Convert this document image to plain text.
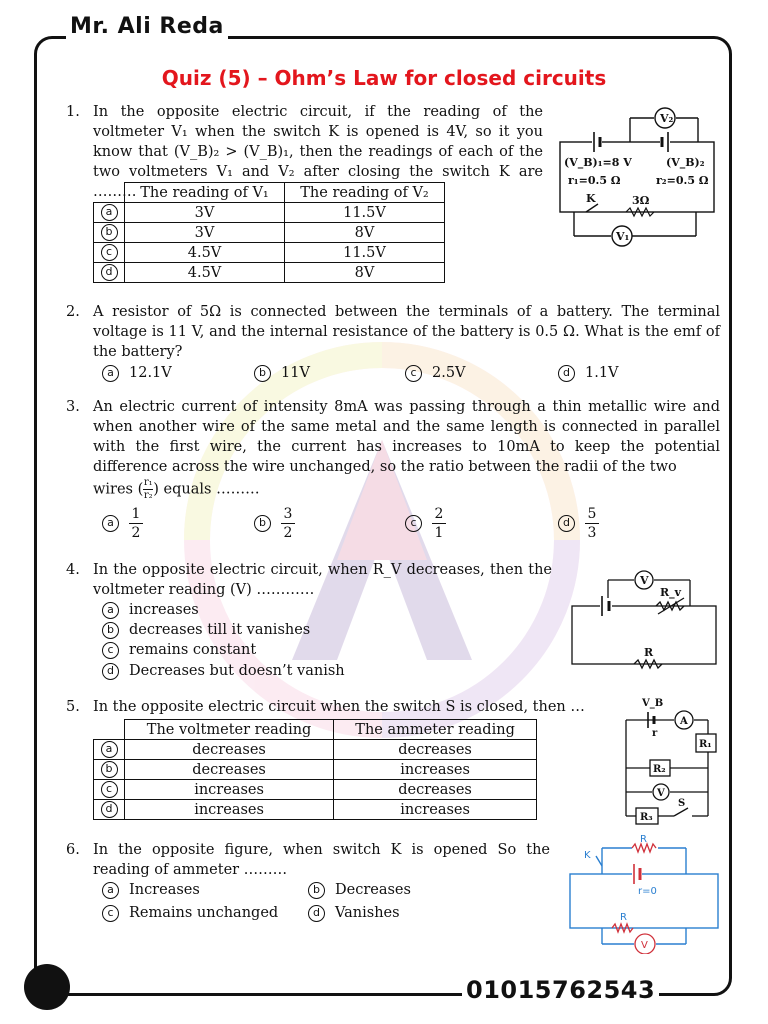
Mr. Ali Reda
01015762543
Quiz (5) – Ohm’s Law for closed circuits
1. In the opposite electric circuit, if the reading of the voltmeter V₁ when the switch K is opened is 4V, so it you know that (V_B)₂ > (V_B)₁, then the readings of each of the two voltmeters V₁ and V₂ after closing the switch K are ………
	The reading of V₁	The reading of V₂
a	3V	11.5V
b	3V	8V
c	4.5V	11.5V
d	4.5V	8V
V₂
V₁
(V_B)₁=8 V
r₁=0.5 Ω
(V_B)₂
r₂=0.5 Ω
K	3Ω
2. A resistor of 5Ω is connected between the terminals of a battery. The terminal voltage is 11 V, and the internal resistance of the battery is 0.5 Ω. What is the emf of the battery?
a 12.1V	b 11V	c 2.5V	d 1.1V
3. An electric current of intensity 8mA was passing through a thin metallic wire and when another wire of the same metal and the same length is connected in parallel with the first wire, the current has increases to 10mA to keep the potential difference across the wire unchanged, so the ratio between the radii of the two
wires ( $\frac{\text{r₁}}{\text{r₂}}$ ) equals ………
a $\frac{1}{2}$	b $\frac{3}{2}$	c $\frac{2}{1}$	d $\frac{5}{3}$
4. In the opposite electric circuit, when R_V decreases, then the voltmeter reading (V) …………
a increases
b decreases till it vanishes
c remains constant
d Decreases but doesn’t vanish
V
R_v
R
5. In the opposite electric circuit when the switch S is closed, then …
	The voltmeter reading	The ammeter reading
a	decreases	decreases
b	decreases	increases
c	increases	decreases
d	increases	increases
V_B
r
A
R₁
R₂
V
R₃
S
6. In the opposite figure, when switch K is opened So the reading of ammeter ………
a Increases	b Decreases
c Remains unchanged	d Vanishes
R
K
r=0
R
V
